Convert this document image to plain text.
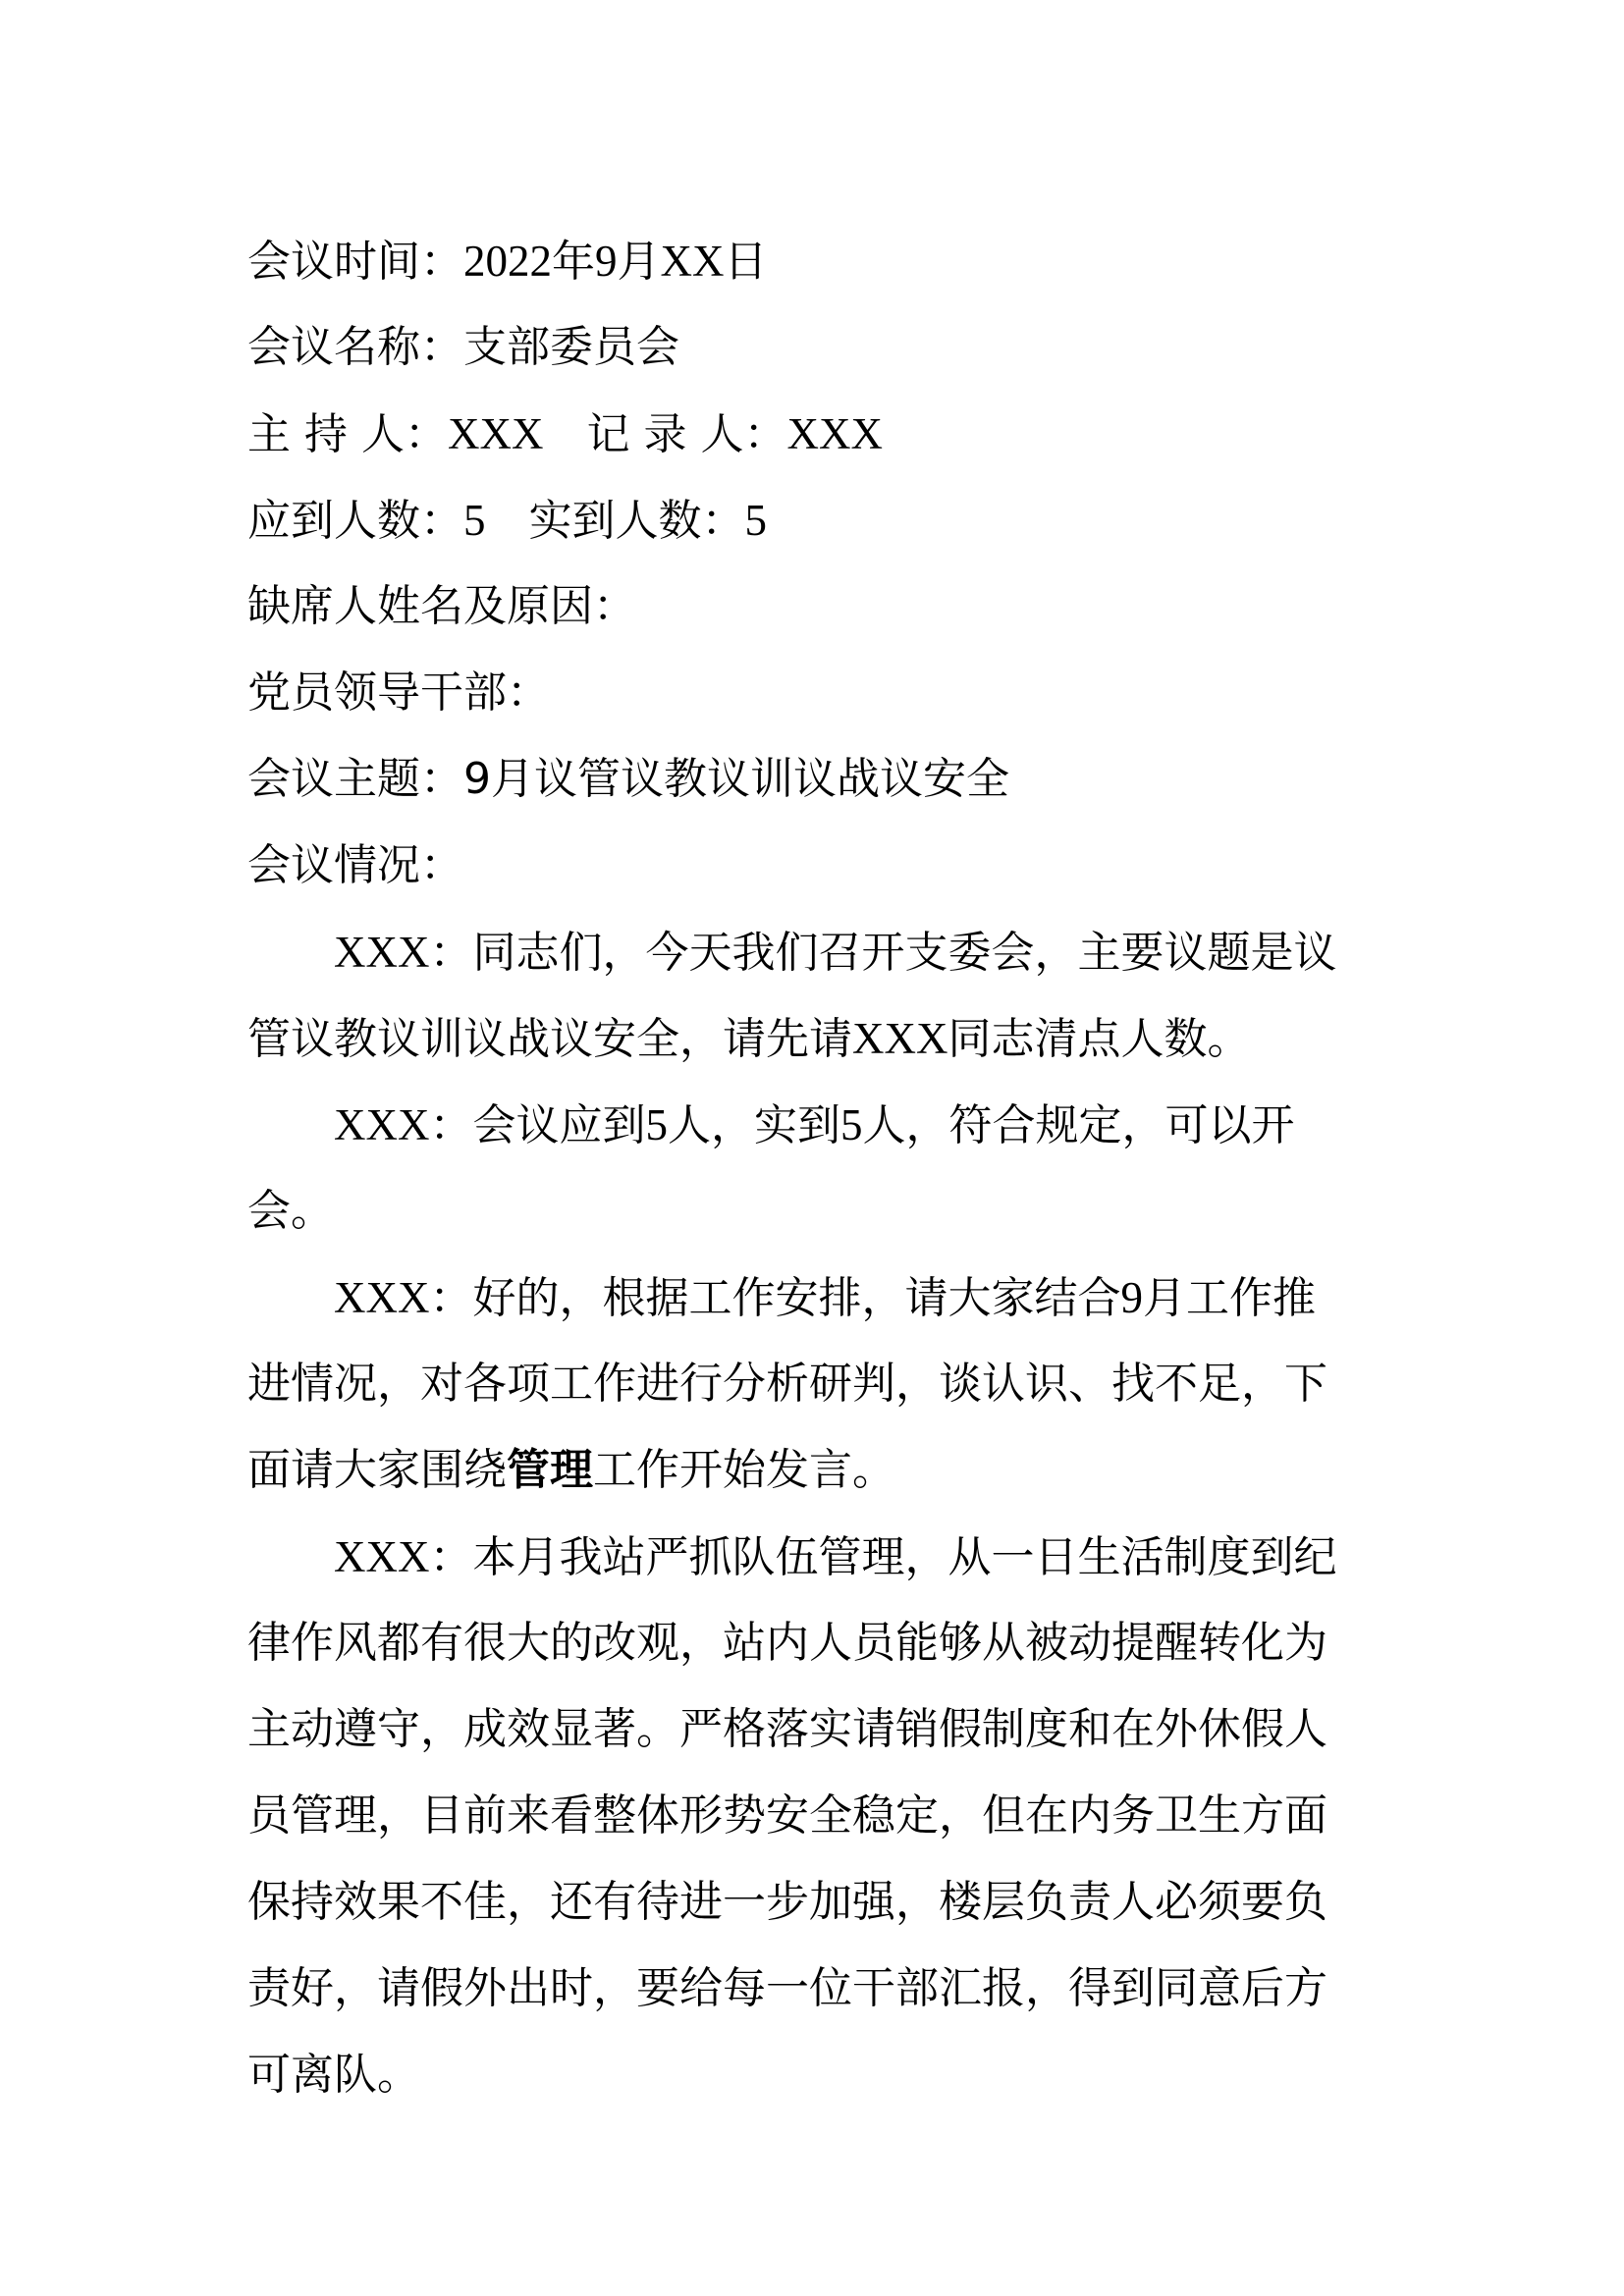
会议时间：2022年9月XX日
会议名称：支部委员会
主 持 人：XXX 记 录 人：XXX
应到人数：5 实到人数：5
缺席人姓名及原因：
党员领导干部：
会议主题：9月议管议教议训议战议安全
会议情况：
XXX：同志们，今天我们召开支委会，主要议题是议
管议教议训议战议安全，请先请XXX同志清点人数。
XXX：会议应到5人，实到5人，符合规定，可以开
会。
XXX：好的，根据工作安排，请大家结合9月工作推
进情况，对各项工作进行分析研判，谈认识、找不足，下
面请大家围绕管理工作开始发言。
XXX：本月我站严抓队伍管理，从一日生活制度到纪
律作风都有很大的改观，站内人员能够从被动提醒转化为
主动遵守，成效显著。严格落实请销假制度和在外休假人
员管理，目前来看整体形势安全稳定，但在内务卫生方面
保持效果不佳，还有待进一步加强，楼层负责人必须要负
责好，请假外出时，要给每一位干部汇报，得到同意后方
可离队。
